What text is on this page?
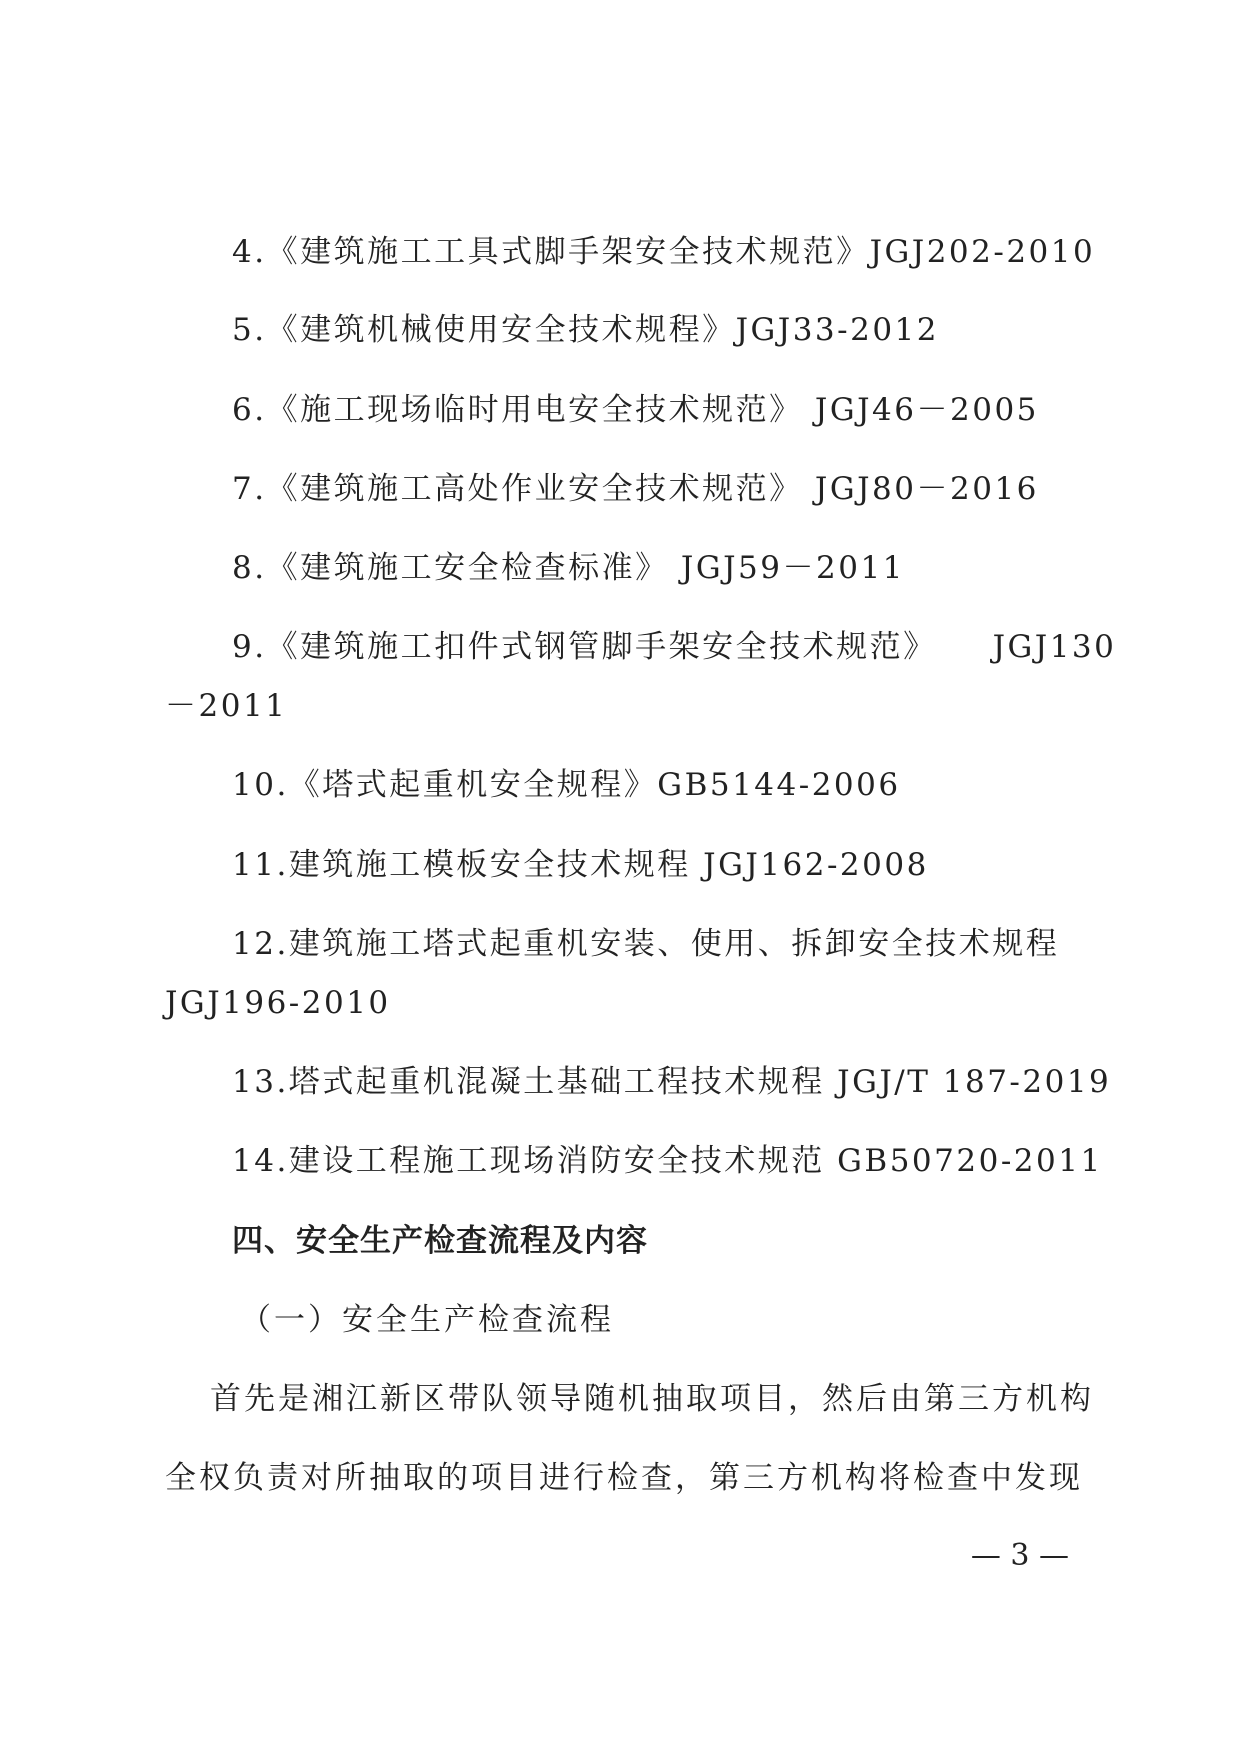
4.《建筑施工工具式脚手架安全技术规范》JGJ202-2010
5.《建筑机械使用安全技术规程》JGJ33-2012
6.《施工现场临时用电安全技术规范》 JGJ46－2005
7.《建筑施工高处作业安全技术规范》 JGJ80－2016
8.《建筑施工安全检查标准》 JGJ59－2011
9.《建筑施工扣件式钢管脚手架安全技术规范》 JGJ130
－2011
10.《塔式起重机安全规程》GB5144-2006
11.建筑施工模板安全技术规程 JGJ162-2008
12.建筑施工塔式起重机安装、使用、拆卸安全技术规程
JGJ196-2010
13.塔式起重机混凝土基础工程技术规程 JGJ/T 187-2019
14.建设工程施工现场消防安全技术规范 GB50720-2011
四、安全生产检查流程及内容
（一）安全生产检查流程
首先是湘江新区带队领导随机抽取项目，然后由第三方机构
全权负责对所抽取的项目进行检查，第三方机构将检查中发现
— 3 —
